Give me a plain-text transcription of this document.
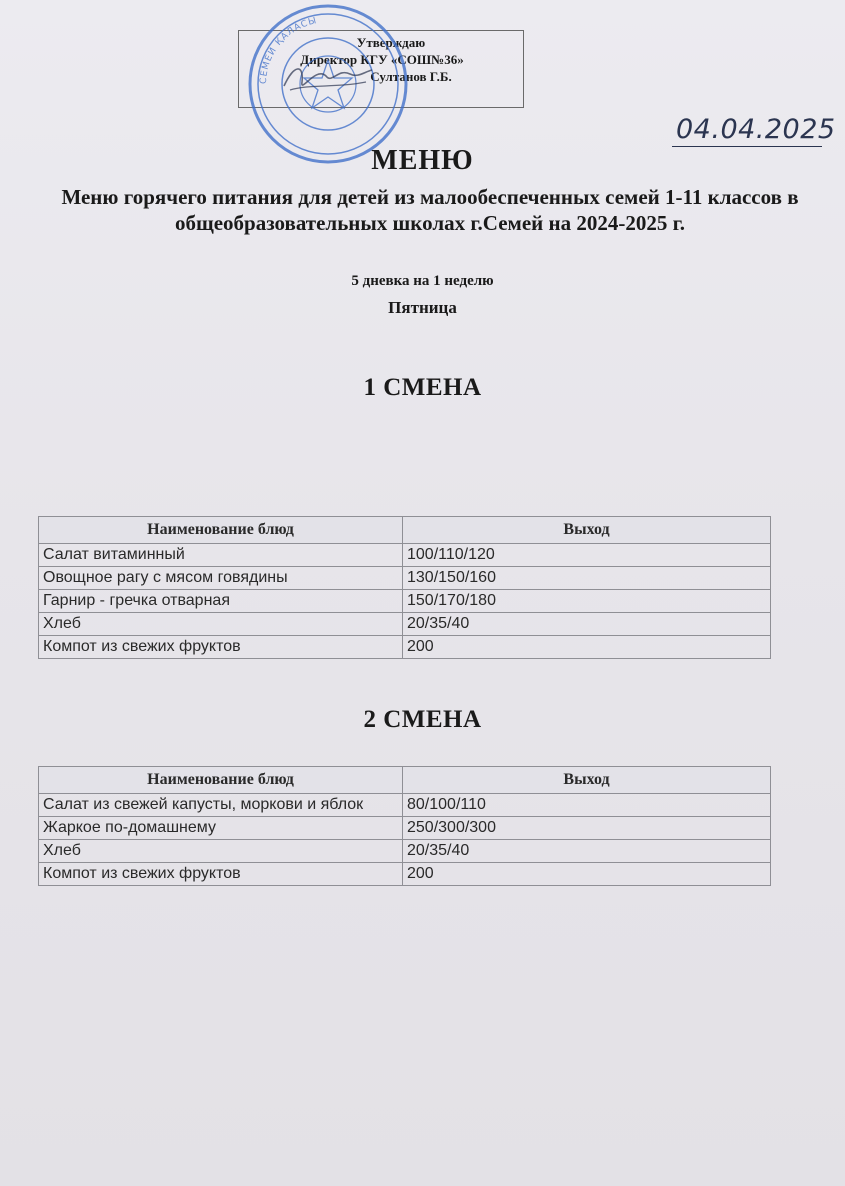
Утверждаю
Директор КГУ «СОШ№36»
Султанов Г.Б.
СЕМЕЙ ҚАЛАСЫ
04.04.2025
МЕНЮ
Меню горячего питания для детей из малообеспеченных семей 1-11 классов в общеобразовательных школах г.Семей на 2024-2025 г.
5 дневка на 1 неделю
Пятница
1 СМЕНА
Наименование блюд	Выход
Салат витаминный	100/110/120
Овощное рагу с мясом говядины	130/150/160
Гарнир - гречка отварная	150/170/180
Хлеб	20/35/40
Компот из свежих фруктов	200
2 СМЕНА
Наименование блюд	Выход
Салат из свежей капусты, моркови и яблок	80/100/110
Жаркое по-домашнему	250/300/300
Хлеб	20/35/40
Компот из свежих фруктов	200
